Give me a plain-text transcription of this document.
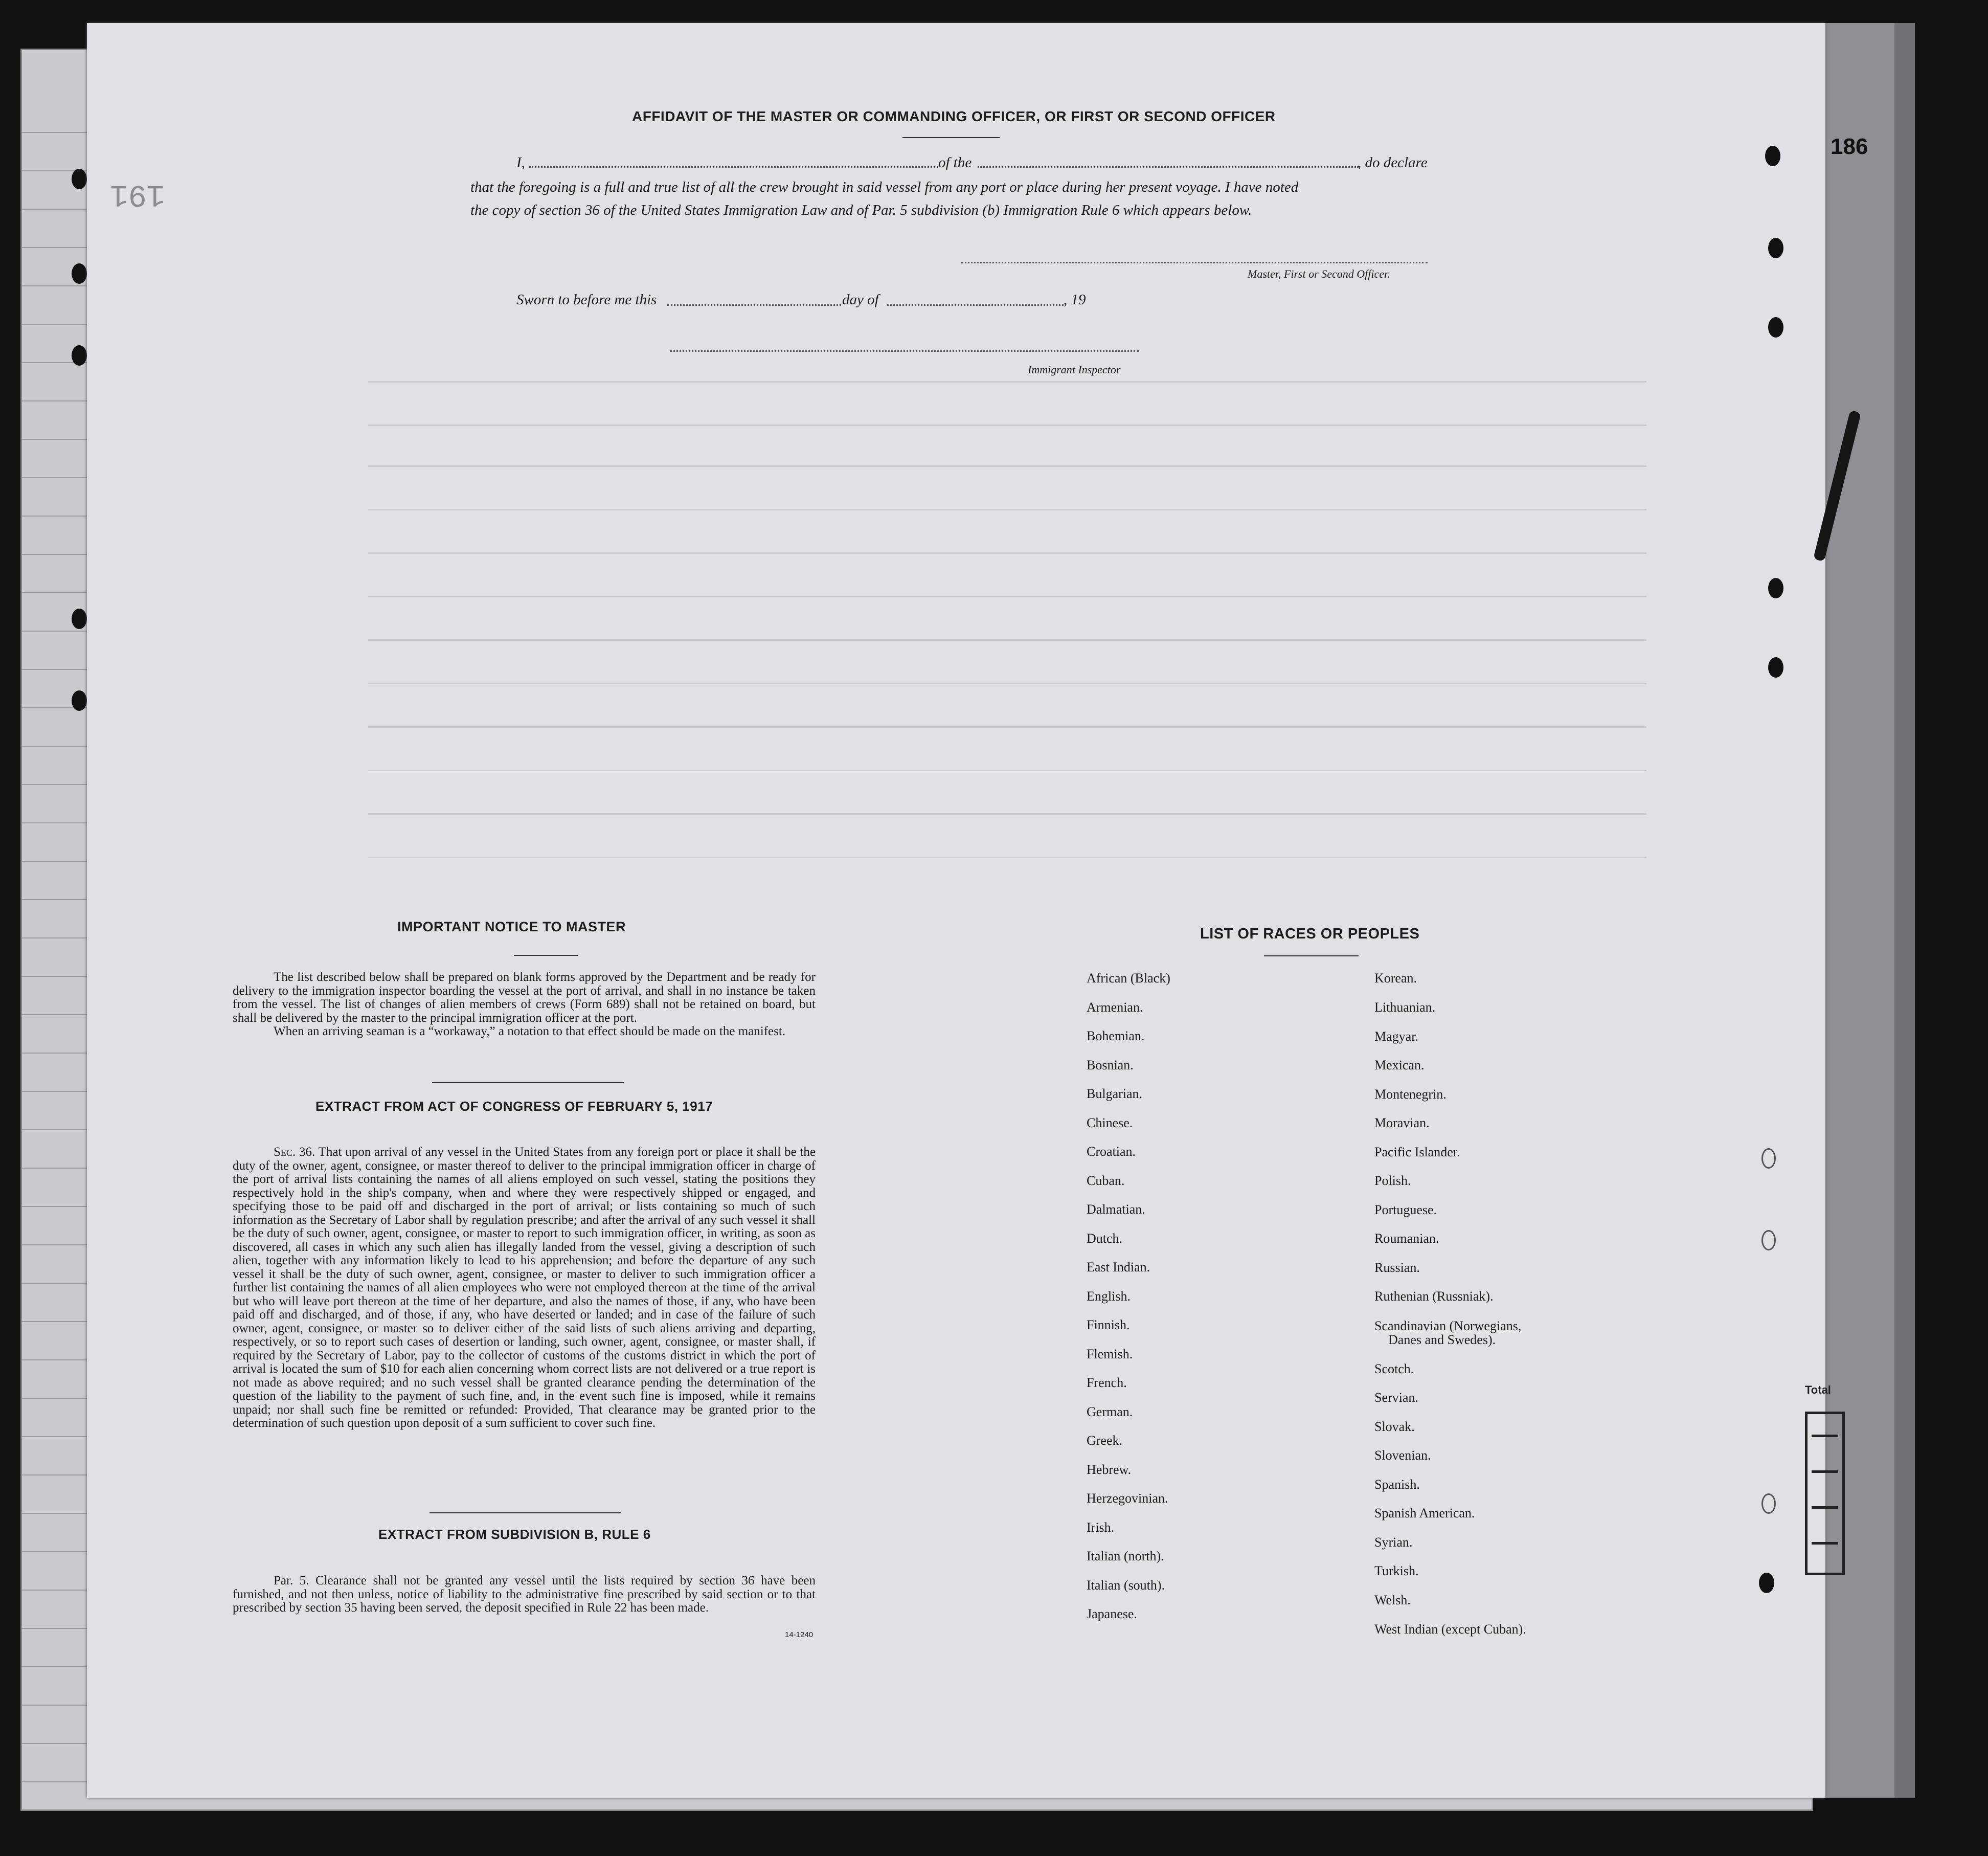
191
186
Total
AFFIDAVIT OF THE MASTER OR COMMANDING OFFICER, OR FIRST OR SECOND OFFICER
I,	of the	, do declare
that the foregoing is a full and true list of all the crew brought in said vessel from any port or place during her present voyage. I have noted
the copy of section 36 of the United States Immigration Law and of Par. 5 subdivision (b) Immigration Rule 6 which appears below.
Master, First or Second Officer.
Sworn to before me this	day of	, 19
Immigrant Inspector
IMPORTANT NOTICE TO MASTER

The list described below shall be prepared on blank forms approved by the Department and be ready for delivery to the immigration inspector boarding the vessel at the port of arrival, and shall in no instance be taken from the vessel. The list of changes of alien members of crews (Form 689) shall not be retained on board, but shall be delivered by the master to the principal immigration officer at the port.

When an arriving seaman is a “workaway,” a notation to that effect should be made on the manifest.

EXTRACT FROM ACT OF CONGRESS OF FEBRUARY 5, 1917

Sec. 36. That upon arrival of any vessel in the United States from any foreign port or place it shall be the duty of the owner, agent, consignee, or master thereof to deliver to the principal immigration officer in charge of the port of arrival lists containing the names of all aliens employed on such vessel, stating the positions they respectively hold in the ship's company, when and where they were respectively shipped or engaged, and specifying those to be paid off and discharged in the port of arrival; or lists containing so much of such information as the Secretary of Labor shall by regulation prescribe; and after the arrival of any such vessel it shall be the duty of such owner, agent, consignee, or master to report to such immigration officer, in writing, as soon as discovered, all cases in which any such alien has illegally landed from the vessel, giving a description of such alien, together with any information likely to lead to his apprehension; and before the departure of any such vessel it shall be the duty of such owner, agent, consignee, or master to deliver to such immigration officer a further list containing the names of all alien employees who were not employed thereon at the time of the arrival but who will leave port thereon at the time of her departure, and also the names of those, if any, who have been paid off and discharged, and of those, if any, who have deserted or landed; and in case of the failure of such owner, agent, consignee, or master so to deliver either of the said lists of such aliens arriving and departing, respectively, or so to report such cases of desertion or landing, such owner, agent, consignee, or master shall, if required by the Secretary of Labor, pay to the collector of customs of the customs district in which the port of arrival is located the sum of $10 for each alien concerning whom correct lists are not delivered or a true report is not made as above required; and no such vessel shall be granted clearance pending the determination of the question of the liability to the payment of such fine, and, in the event such fine is imposed, while it remains unpaid; nor shall such fine be remitted or refunded: Provided, That clearance may be granted prior to the determination of such question upon deposit of a sum sufficient to cover such fine.

EXTRACT FROM SUBDIVISION B, RULE 6

Par. 5. Clearance shall not be granted any vessel until the lists required by section 36 have been furnished, and not then unless, notice of liability to the administrative fine prescribed by said section or to that prescribed by section 35 having been served, the deposit specified in Rule 22 has been made.

14-1240
LIST OF RACES OR PEOPLES
African (Black)
Armenian.
Bohemian.
Bosnian.
Bulgarian.
Chinese.
Croatian.
Cuban.
Dalmatian.
Dutch.
East Indian.
English.
Finnish.
Flemish.
French.
German.
Greek.
Hebrew.
Herzegovinian.
Irish.
Italian (north).
Italian (south).
Japanese.
Korean.
Lithuanian.
Magyar.
Mexican.
Montenegrin.
Moravian.
Pacific Islander.
Polish.
Portuguese.
Roumanian.
Russian.
Ruthenian (Russniak).
Scandinavian (Norwegians,
Danes and Swedes).
Scotch.
Servian.
Slovak.
Slovenian.
Spanish.
Spanish American.
Syrian.
Turkish.
Welsh.
West Indian (except Cuban).
